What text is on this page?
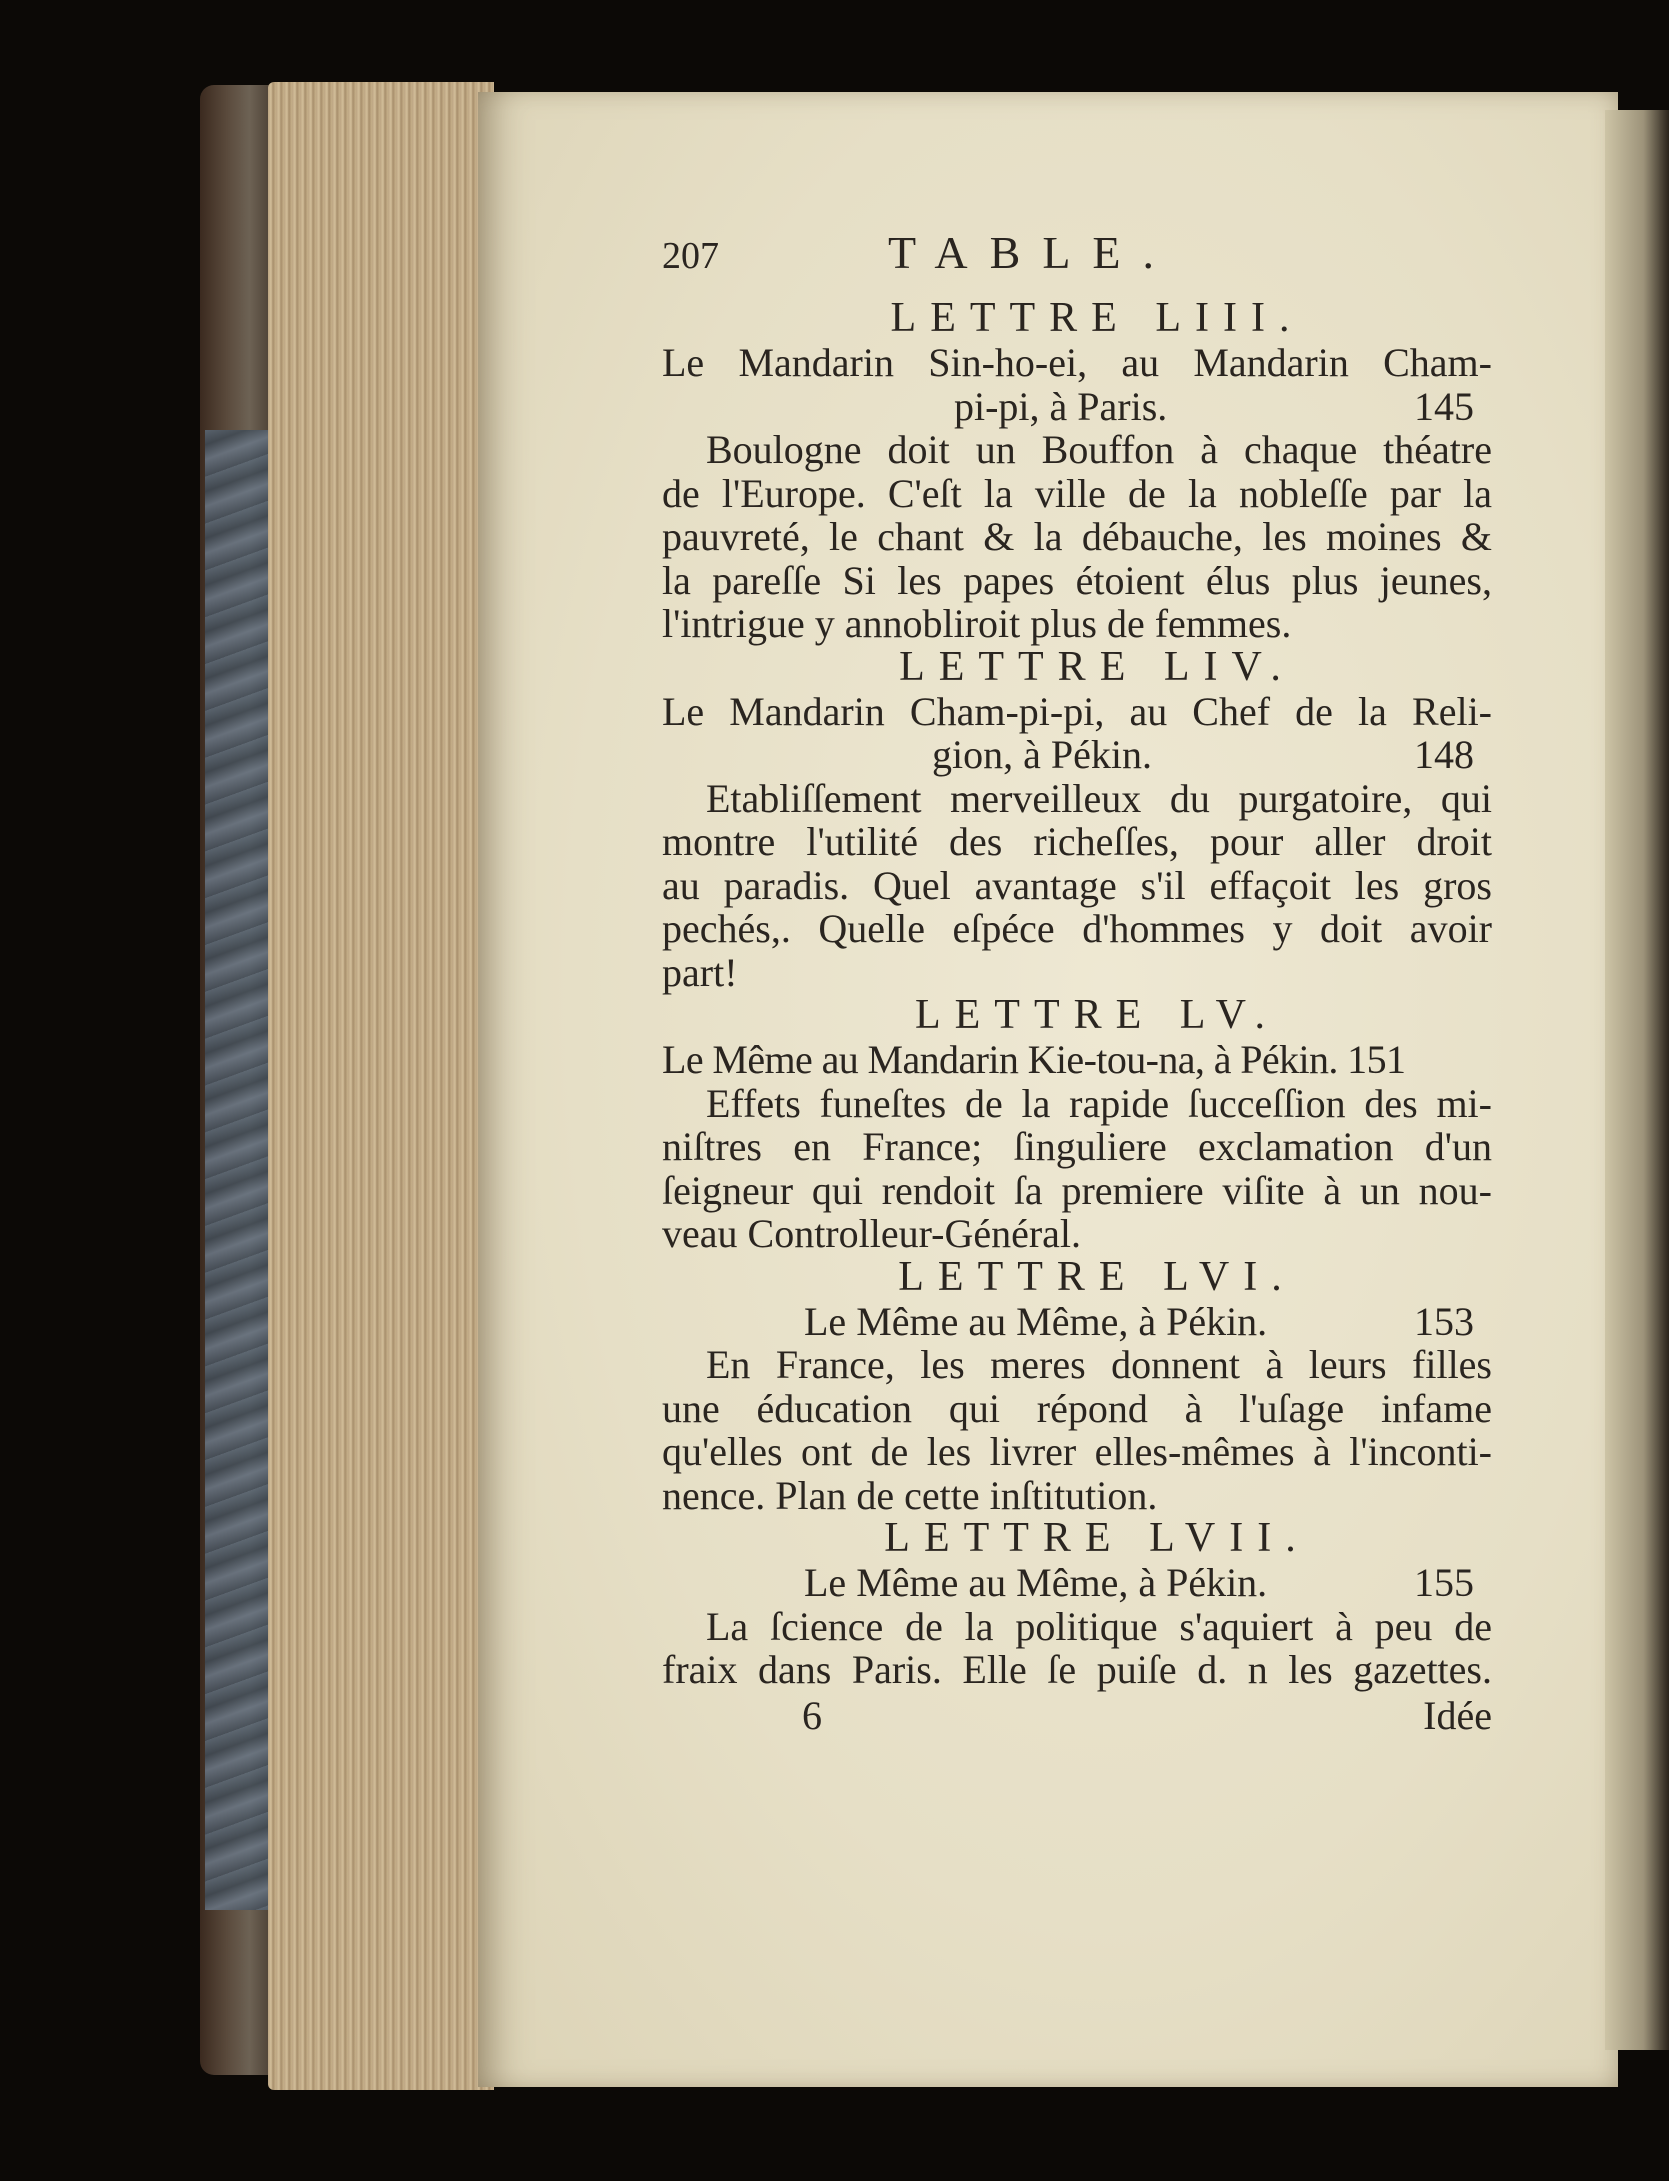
207	TABLE.

LETTRE LIII.

Le Mandarin Sin-ho-ei, au Mandarin Cham-

pi-pi, à Paris.	145

Boulogne doit un Bouffon à chaque théatre

de l'Europe. C'eſt la ville de la nobleſſe par la

pauvreté, le chant & la débauche, les moines &

la pareſſe Si les papes étoient élus plus jeunes,

l'intrigue y annobliroit plus de femmes.

LETTRE LIV.

Le Mandarin Cham-pi-pi, au Chef de la Reli-

gion, à Pékin.	148

Etabliſſement merveilleux du purgatoire, qui

montre l'utilité des richeſſes, pour aller droit

au paradis. Quel avantage s'il effaçoit les gros

pechés,. Quelle eſpéce d'hommes y doit avoir

part!

LETTRE LV.

Le Même au Mandarin Kie-tou-na, à Pékin. 151

Effets funeſtes de la rapide ſucceſſion des mi-

niſtres en France; ſinguliere exclamation d'un

ſeigneur qui rendoit ſa premiere viſite à un nou-

veau Controlleur-Général.

LETTRE LVI.

Le Même au Même, à Pékin.	153

En France, les meres donnent à leurs filles

une éducation qui répond à l'uſage infame

qu'elles ont de les livrer elles-mêmes à l'inconti-

nence. Plan de cette inſtitution.

LETTRE LVII.

Le Même au Même, à Pékin.	155

La ſcience de la politique s'aquiert à peu de

fraix dans Paris. Elle ſe puiſe d. n les gazettes.

6	Idée
